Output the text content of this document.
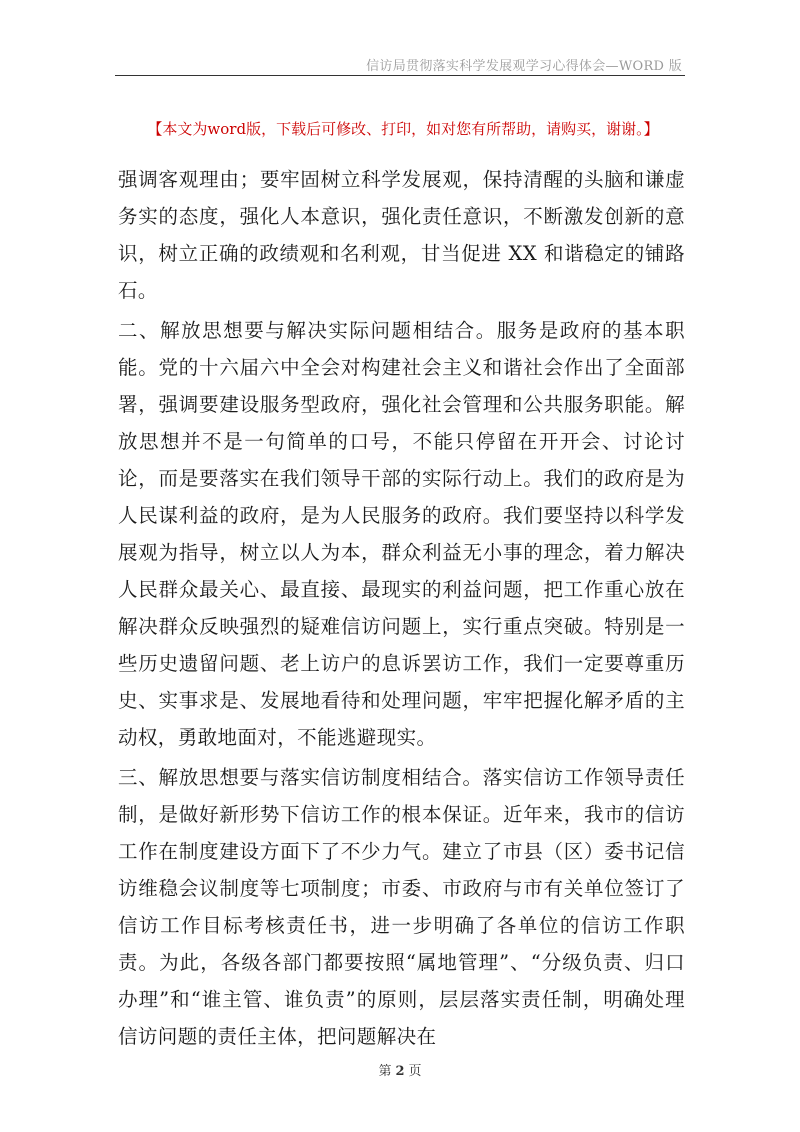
信访局贯彻落实科学发展观学习心得体会—WORD 版
【本文为word版，下载后可修改、打印，如对您有所帮助，请购买，谢谢。】

强调客观理由；要牢固树立科学发展观，保持清醒的头脑和谦虚务实的态度，强化人本意识，强化责任意识，不断激发创新的意识，树立正确的政绩观和名利观，甘当促进 XX 和谐稳定的铺路石。

二、解放思想要与解决实际问题相结合。服务是政府的基本职能。党的十六届六中全会对构建社会主义和谐社会作出了全面部署，强调要建设服务型政府，强化社会管理和公共服务职能。解放思想并不是一句简单的口号，不能只停留在开开会、讨论讨论，而是要落实在我们领导干部的实际行动上。我们的政府是为人民谋利益的政府，是为人民服务的政府。我们要坚持以科学发展观为指导，树立以人为本，群众利益无小事的理念，着力解决人民群众最关心、最直接、最现实的利益问题，把工作重心放在解决群众反映强烈的疑难信访问题上，实行重点突破。特别是一些历史遗留问题、老上访户的息诉罢访工作，我们一定要尊重历史、实事求是、发展地看待和处理问题，牢牢把握化解矛盾的主动权，勇敢地面对，不能逃避现实。

三、解放思想要与落实信访制度相结合。落实信访工作领导责任制，是做好新形势下信访工作的根本保证。近年来，我市的信访工作在制度建设方面下了不少力气。建立了市县（区）委书记信访维稳会议制度等七项制度；市委、市政府与市有关单位签订了信访工作目标考核责任书，进一步明确了各单位的信访工作职责。为此，各级各部门都要按照“属地管理”、“分级负责、归口办理”和“谁主管、谁负责”的原则，层层落实责任制，明确处理信访问题的责任主体，把问题解决在

第 2 页
